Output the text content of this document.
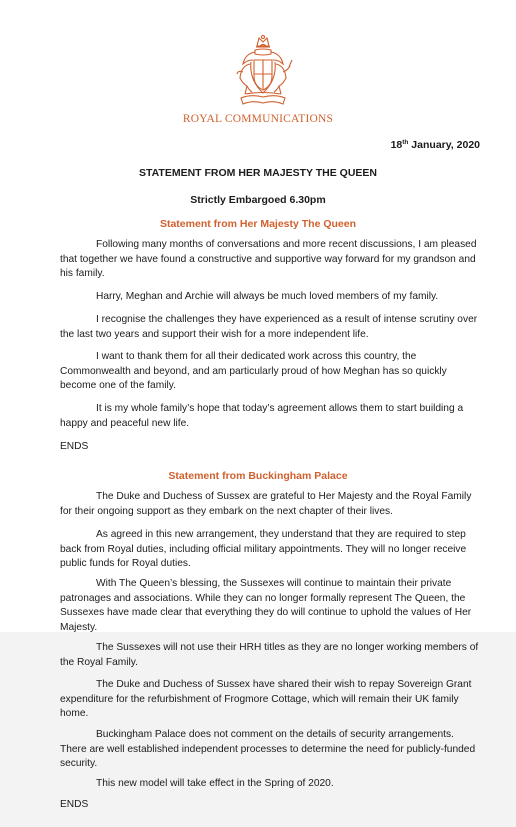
ROYAL COMMUNICATIONS
18th January, 2020
STATEMENT FROM HER MAJESTY THE QUEEN
Strictly Embargoed 6.30pm
Statement from Her Majesty The Queen

Following many months of conversations and more recent discussions, I am pleased that together we have found a constructive and supportive way forward for my grandson and his family.

Harry, Meghan and Archie will always be much loved members of my family.

I recognise the challenges they have experienced as a result of intense scrutiny over the last two years and support their wish for a more independent life.

I want to thank them for all their dedicated work across this country, the Commonwealth and beyond, and am particularly proud of how Meghan has so quickly become one of the family.

It is my whole family’s hope that today’s agreement allows them to start building a happy and peaceful new life.

ENDS

Statement from Buckingham Palace

The Duke and Duchess of Sussex are grateful to Her Majesty and the Royal Family for their ongoing support as they embark on the next chapter of their lives.

As agreed in this new arrangement, they understand that they are required to step back from Royal duties, including official military appointments. They will no longer receive public funds for Royal duties.

With The Queen’s blessing, the Sussexes will continue to maintain their private patronages and associations. While they can no longer formally represent The Queen, the Sussexes have made clear that everything they do will continue to uphold the values of Her Majesty.

The Sussexes will not use their HRH titles as they are no longer working members of the Royal Family.

The Duke and Duchess of Sussex have shared their wish to repay Sovereign Grant expenditure for the refurbishment of Frogmore Cottage, which will remain their UK family home.

Buckingham Palace does not comment on the details of security arrangements. There are well established independent processes to determine the need for publicly-funded security.

This new model will take effect in the Spring of 2020.

ENDS
